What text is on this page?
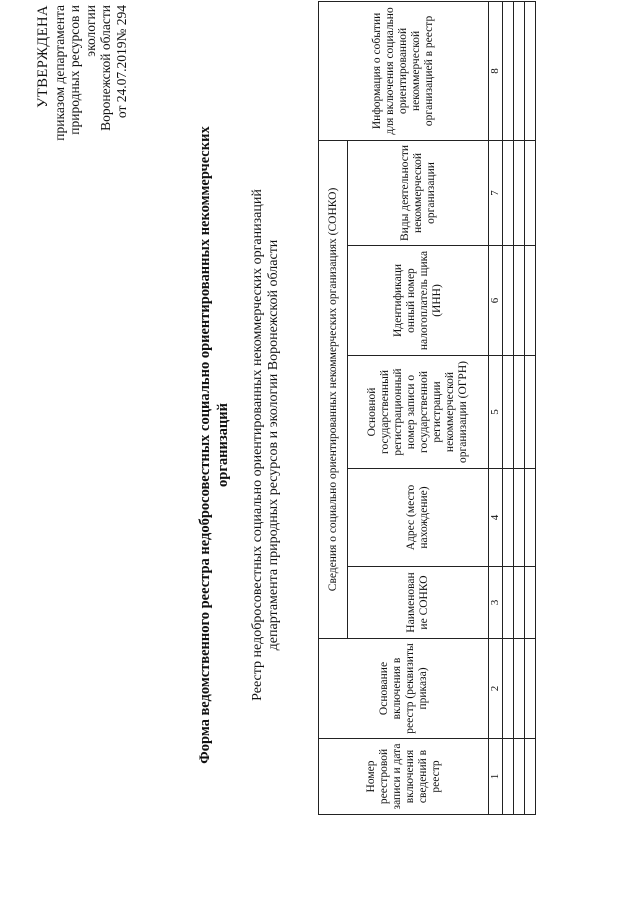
УТВЕРЖДЕНА приказом департамента природных ресурсов и экологии Воронежской области от 24.07.2019№ 294
Форма ведомственного реестра недобросовестных социально ориентированных некоммерческих организаций Реестр недобросовестных социально ориентированных некоммерческих организаций департамента природных ресурсов и экологии Воронежской области
Номер реестровой записи и дата включения сведений в реестр	Основание включения в реестр (реквизиты приказа)	Сведения о социально ориентированных некоммерческих организациях (СОНКО)					Информация о событии для включения социально ориентированной некоммерческой организацией в реестр
		Наименован ие СОНКО	Адрес (место нахождение)	Основной государственный регистрационный номер записи о государственной регистрации некоммерческой организации (ОГРН)	Идентификаци онный номер налогоплатель щика (ИНН)	Виды деятельности некоммерческой организации	
1	2	3	4	5	6	7	8
